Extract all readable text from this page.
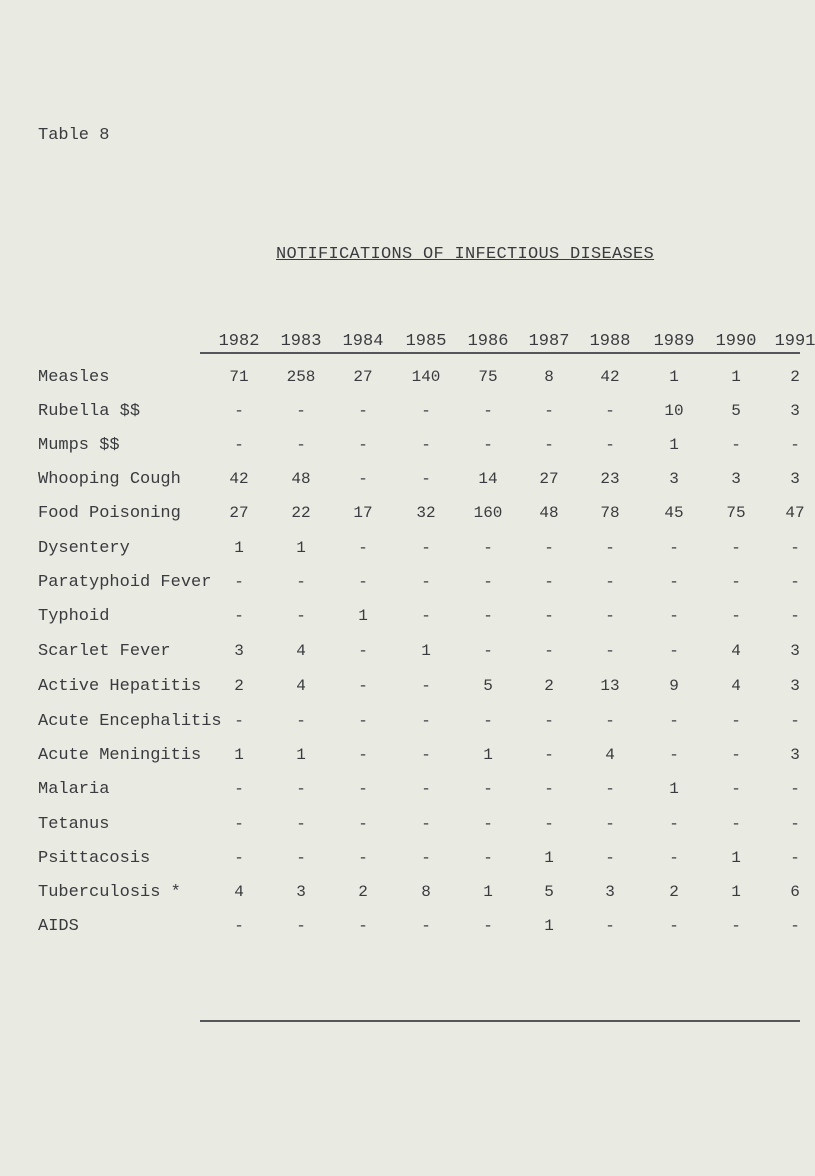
Table 8
NOTIFICATIONS OF INFECTIOUS DISEASES
1982 1983 1984 1985 1986 1987 1988 1989 1990 1991
Measles	71 258 27 140 75	8	42	1	1	2
Rubella $$	-	-	-	-	-	-	-	10	5	3
Mumps $$	-	-	-	-	-	-	-	1	-	-
Whooping Cough	42	48	-	-	14	27	23	3	3	3
Food Poisoning	27	22	17	32 160 48	78	45	75 47
Dysentery	1	1	-	-	-	-	-	-	-	-
Paratyphoid Fever -	-	-	-	-	-	-	-	-	-
Typhoid	-	-	1	-	-	-	-	-	-	-
Scarlet Fever	3	4	-	1	-	-	-	-	4	3
Active Hepatitis 2	4	-	-	5	2	13	9	4	3
Acute Encephalitis -	-	-	-	-	-	-	-	-	-
Acute Meningitis 1	1	-	-	1	-	4	-	-	3
Malaria	-	-	-	-	-	-	-	1	-	-
Tetanus	-	-	-	-	-	-	-	-	-	-
Psittacosis	-	-	-	-	-	1	-	-	1	-
Tuberculosis *	4	3	2	8	1	5	3	2	1	6
AIDS	-	-	-	-	-	1	-	-	-	-
